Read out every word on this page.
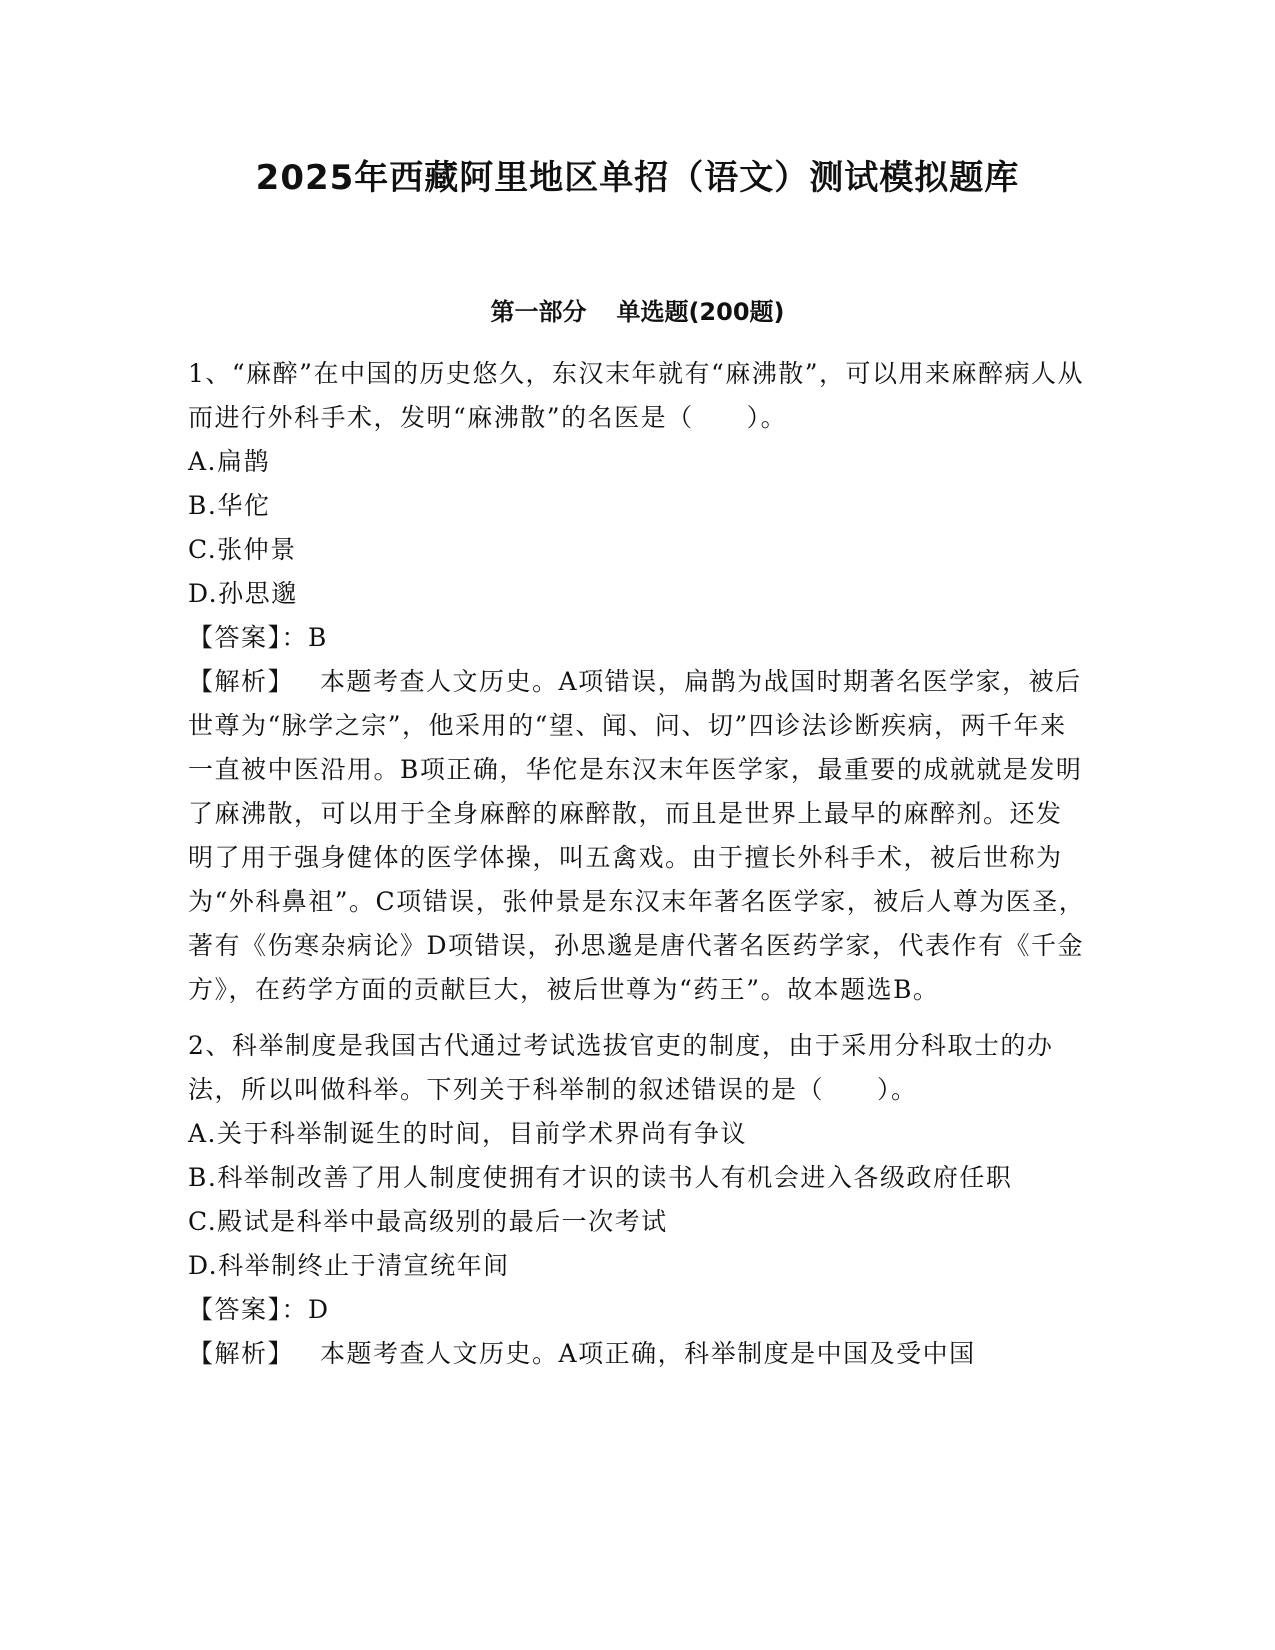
2025年西藏阿里地区单招（语文）测试模拟题库
第一部分 单选题(200题)

1、“麻醉”在中国的历史悠久，东汉末年就有“麻沸散”，可以用来麻醉病人从而进行外科手术，发明“麻沸散”的名医是（　　）。

A.扁鹊

B.华佗

C.张仲景

D.孙思邈

【答案】：B

【解析】 本题考查人文历史。A项错误，扁鹊为战国时期著名医学家，被后世尊为“脉学之宗”，他采用的“望、闻、问、切”四诊法诊断疾病，两千年来一直被中医沿用。B项正确，华佗是东汉末年医学家，最重要的成就就是发明了麻沸散，可以用于全身麻醉的麻醉散，而且是世界上最早的麻醉剂。还发明了用于强身健体的医学体操，叫五禽戏。由于擅长外科手术，被后世称为为“外科鼻祖”。C项错误，张仲景是东汉末年著名医学家，被后人尊为医圣，著有《伤寒杂病论》D项错误，孙思邈是唐代著名医药学家，代表作有《千金方》，在药学方面的贡献巨大，被后世尊为“药王”。故本题选B。

2、科举制度是我国古代通过考试选拔官吏的制度，由于采用分科取士的办法，所以叫做科举。下列关于科举制的叙述错误的是（　　）。

A.关于科举制诞生的时间，目前学术界尚有争议

B.科举制改善了用人制度使拥有才识的读书人有机会进入各级政府任职

C.殿试是科举中最高级别的最后一次考试

D.科举制终止于清宣统年间

【答案】：D

【解析】 本题考查人文历史。A项正确，科举制度是中国及受中国
